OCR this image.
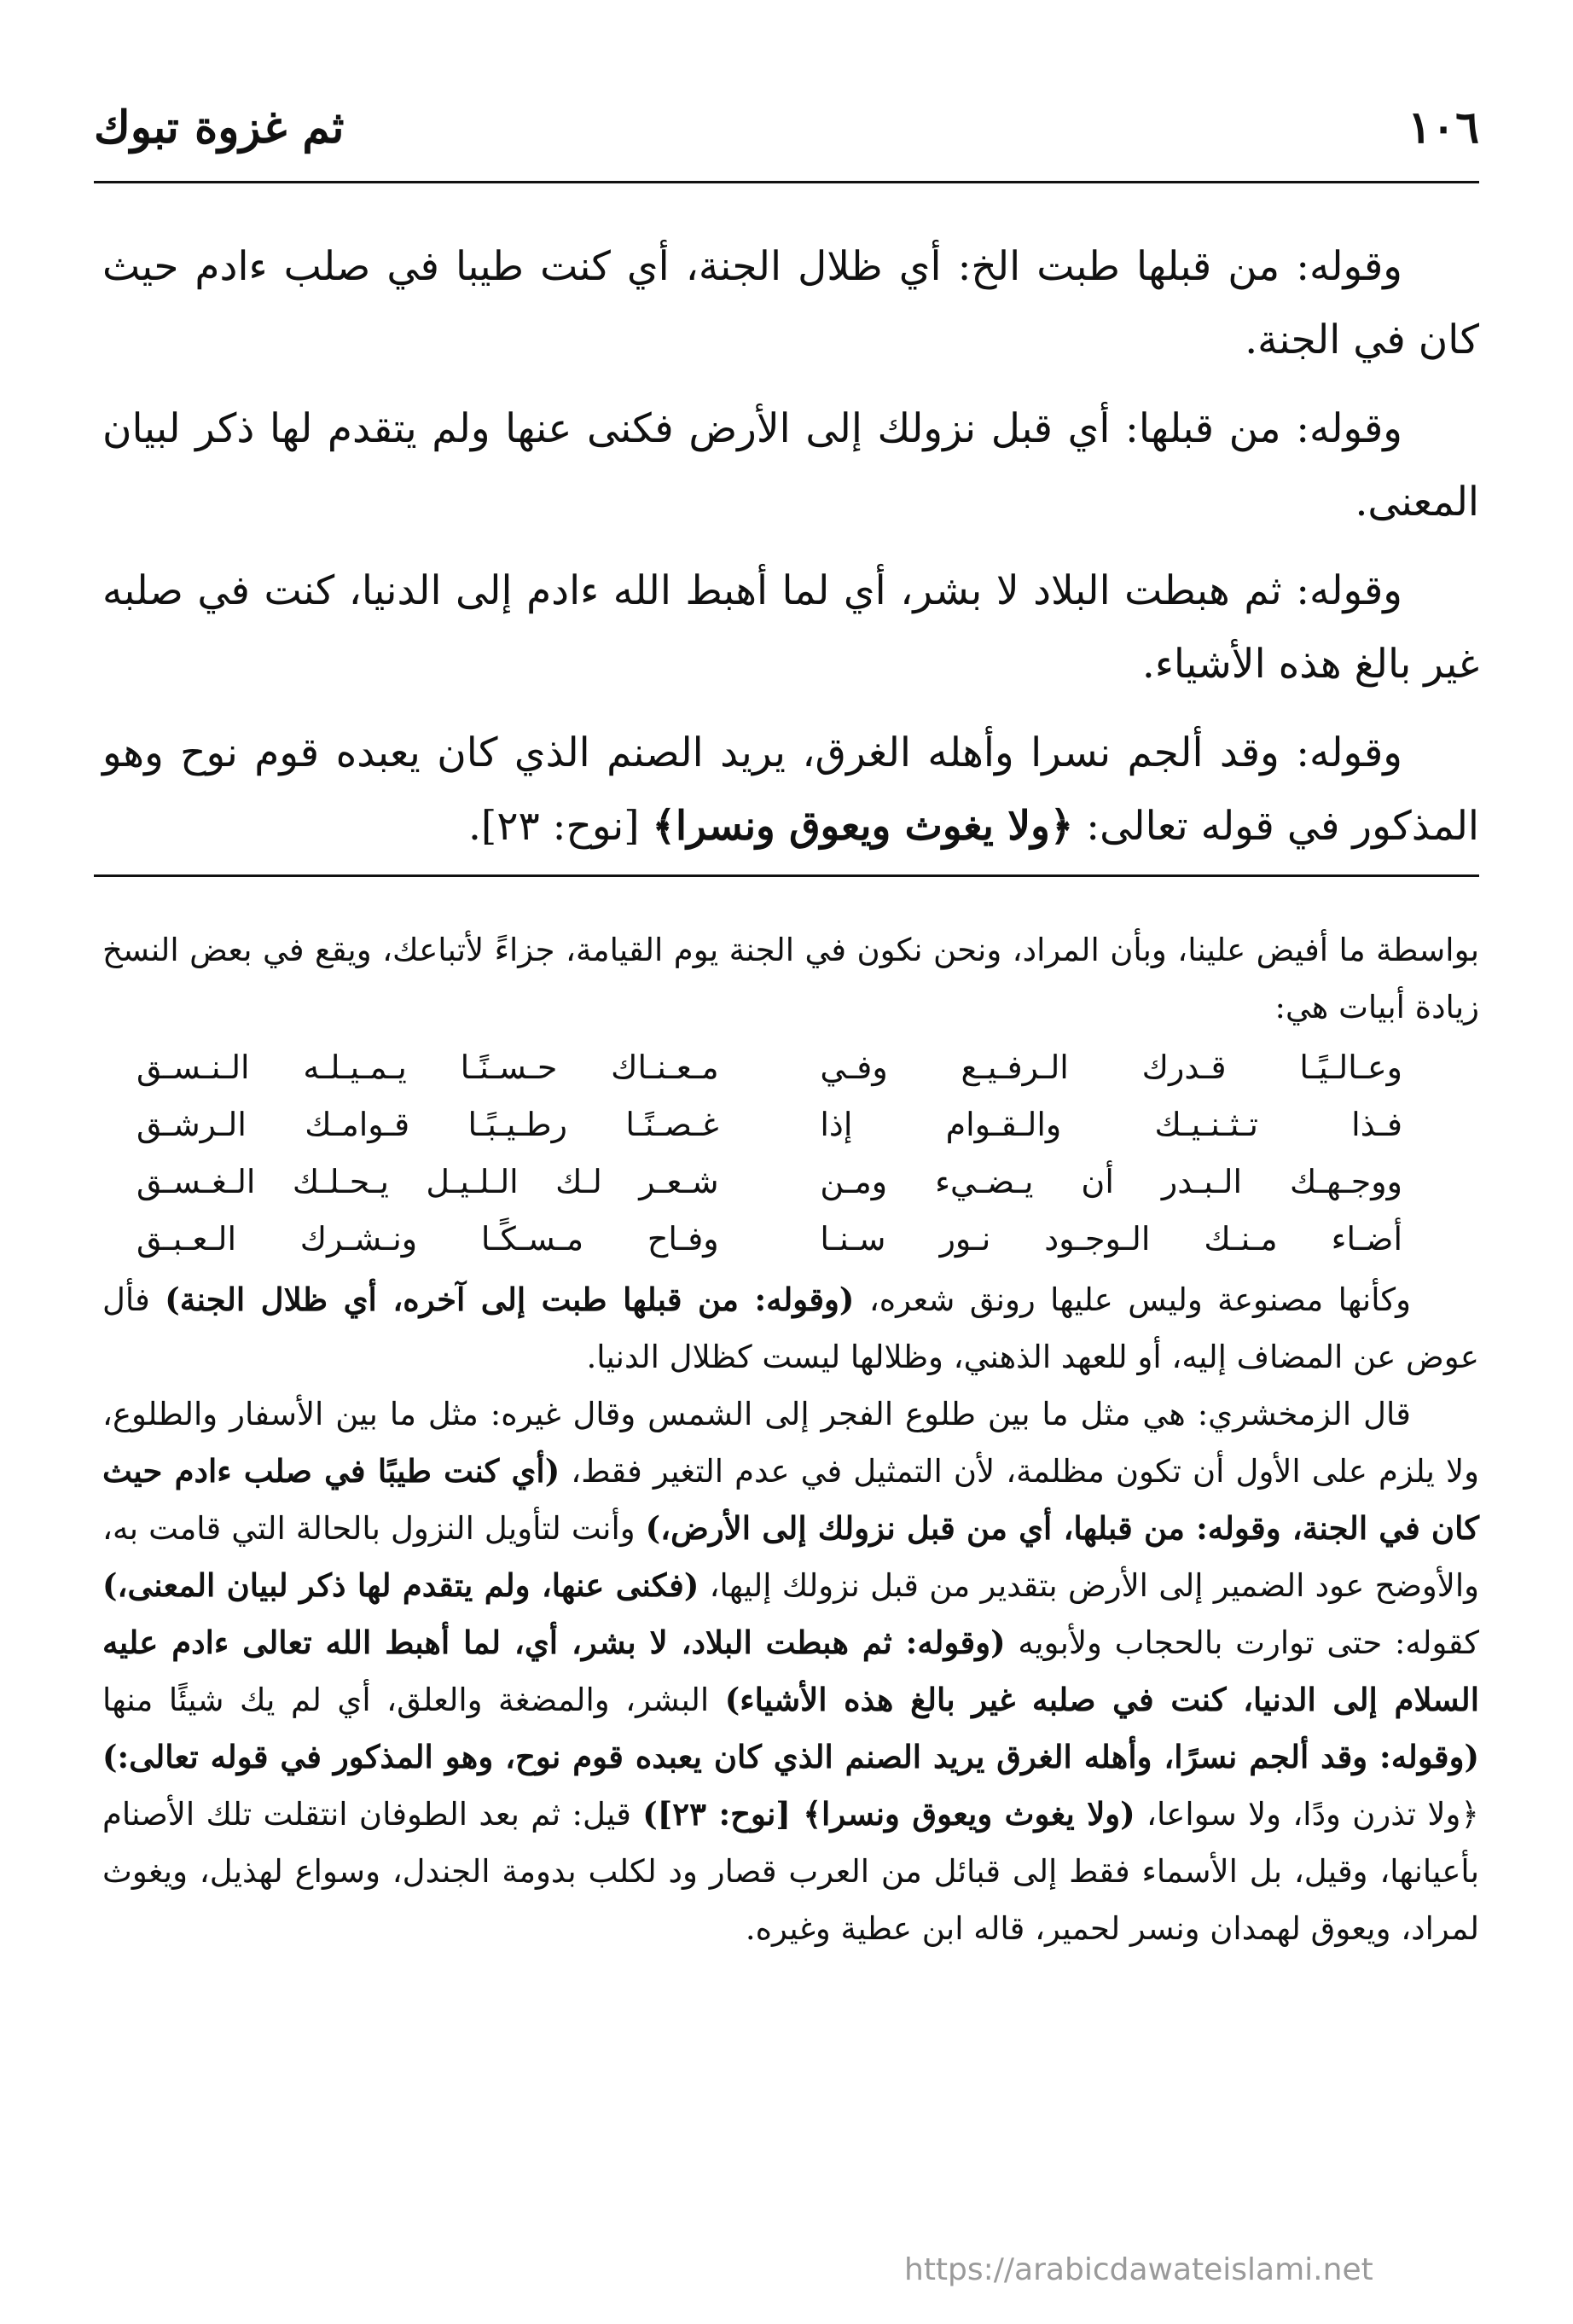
١٠٦
ثم غزوة تبوك

وقوله: من قبلها طبت الخ: أي ظلال الجنة، أي كنت طيبا في صلب ءادم حيث كان في الجنة.

وقوله: من قبلها: أي قبل نزولك إلى الأرض فكنى عنها ولم يتقدم لها ذكر لبيان المعنى.

وقوله: ثم هبطت البلاد لا بشر، أي لما أهبط الله ءادم إلى الدنيا، كنت في صلبه غير بالغ هذه الأشياء.

وقوله: وقد ألجم نسرا وأهله الغرق، يريد الصنم الذي كان يعبده قوم نوح وهو المذكور في قوله تعالى: ﴿ولا يغوث ويعوق ونسرا﴾ [نوح: ٢٣].

بواسطة ما أفيض علينا، وبأن المراد، ونحن نكون في الجنة يوم القيامة، جزاءً لأتباعك، ويقع في بعض النسخ زيادة أبيات هي:

وعـالـيًـا قـدرك الـرفـيـع وفـي
مـعـنـاك حـسـنًـا يـمـيـلـه الـنـسـق
فـذا تـثـنـيـك والـقـوام إذا
غـصـنًـا رطـيـبًـا قـوامـك الـرشـق
ووجـهـك الـبـدر أن يـضـيء ومـن
شـعـر لـك الـلـيـل يـحـلـك الـغـسـق
أضـاء مـنـك الـوجـود نـور سـنـا
وفـاح مـسـكًـا ونـشـرك الـعـبـق

وكأنها مصنوعة وليس عليها رونق شعره، (وقوله: من قبلها طبت إلى آخره، أي ظلال الجنة) فأل عوض عن المضاف إليه، أو للعهد الذهني، وظلالها ليست كظلال الدنيا.

قال الزمخشري: هي مثل ما بين طلوع الفجر إلى الشمس وقال غيره: مثل ما بين الأسفار والطلوع، ولا يلزم على الأول أن تكون مظلمة، لأن التمثيل في عدم التغير فقط، (أي كنت طيبًا في صلب ءادم حيث كان في الجنة، وقوله: من قبلها، أي من قبل نزولك إلى الأرض،) وأنت لتأويل النزول بالحالة التي قامت به، والأوضح عود الضمير إلى الأرض بتقدير من قبل نزولك إليها، (فكنى عنها، ولم يتقدم لها ذكر لبيان المعنى،) كقوله: حتى توارت بالحجاب ولأبويه (وقوله: ثم هبطت البلاد، لا بشر، أي، لما أهبط الله تعالى ءادم عليه السلام إلى الدنيا، كنت في صلبه غير بالغ هذه الأشياء) البشر، والمضغة والعلق، أي لم يك شيئًا منها (وقوله: وقد ألجم نسرًا، وأهله الغرق يريد الصنم الذي كان يعبده قوم نوح، وهو المذكور في قوله تعالى:) ﴿ولا تذرن ودًا، ولا سواعا، (ولا يغوث ويعوق ونسرا﴾ [نوح: ٢٣]) قيل: ثم بعد الطوفان انتقلت تلك الأصنام بأعيانها، وقيل، بل الأسماء فقط إلى قبائل من العرب قصار ود لكلب بدومة الجندل، وسواع لهذيل، ويغوث لمراد، ويعوق لهمدان ونسر لحمير، قاله ابن عطية وغيره.

https://arabicdawateislami.net
